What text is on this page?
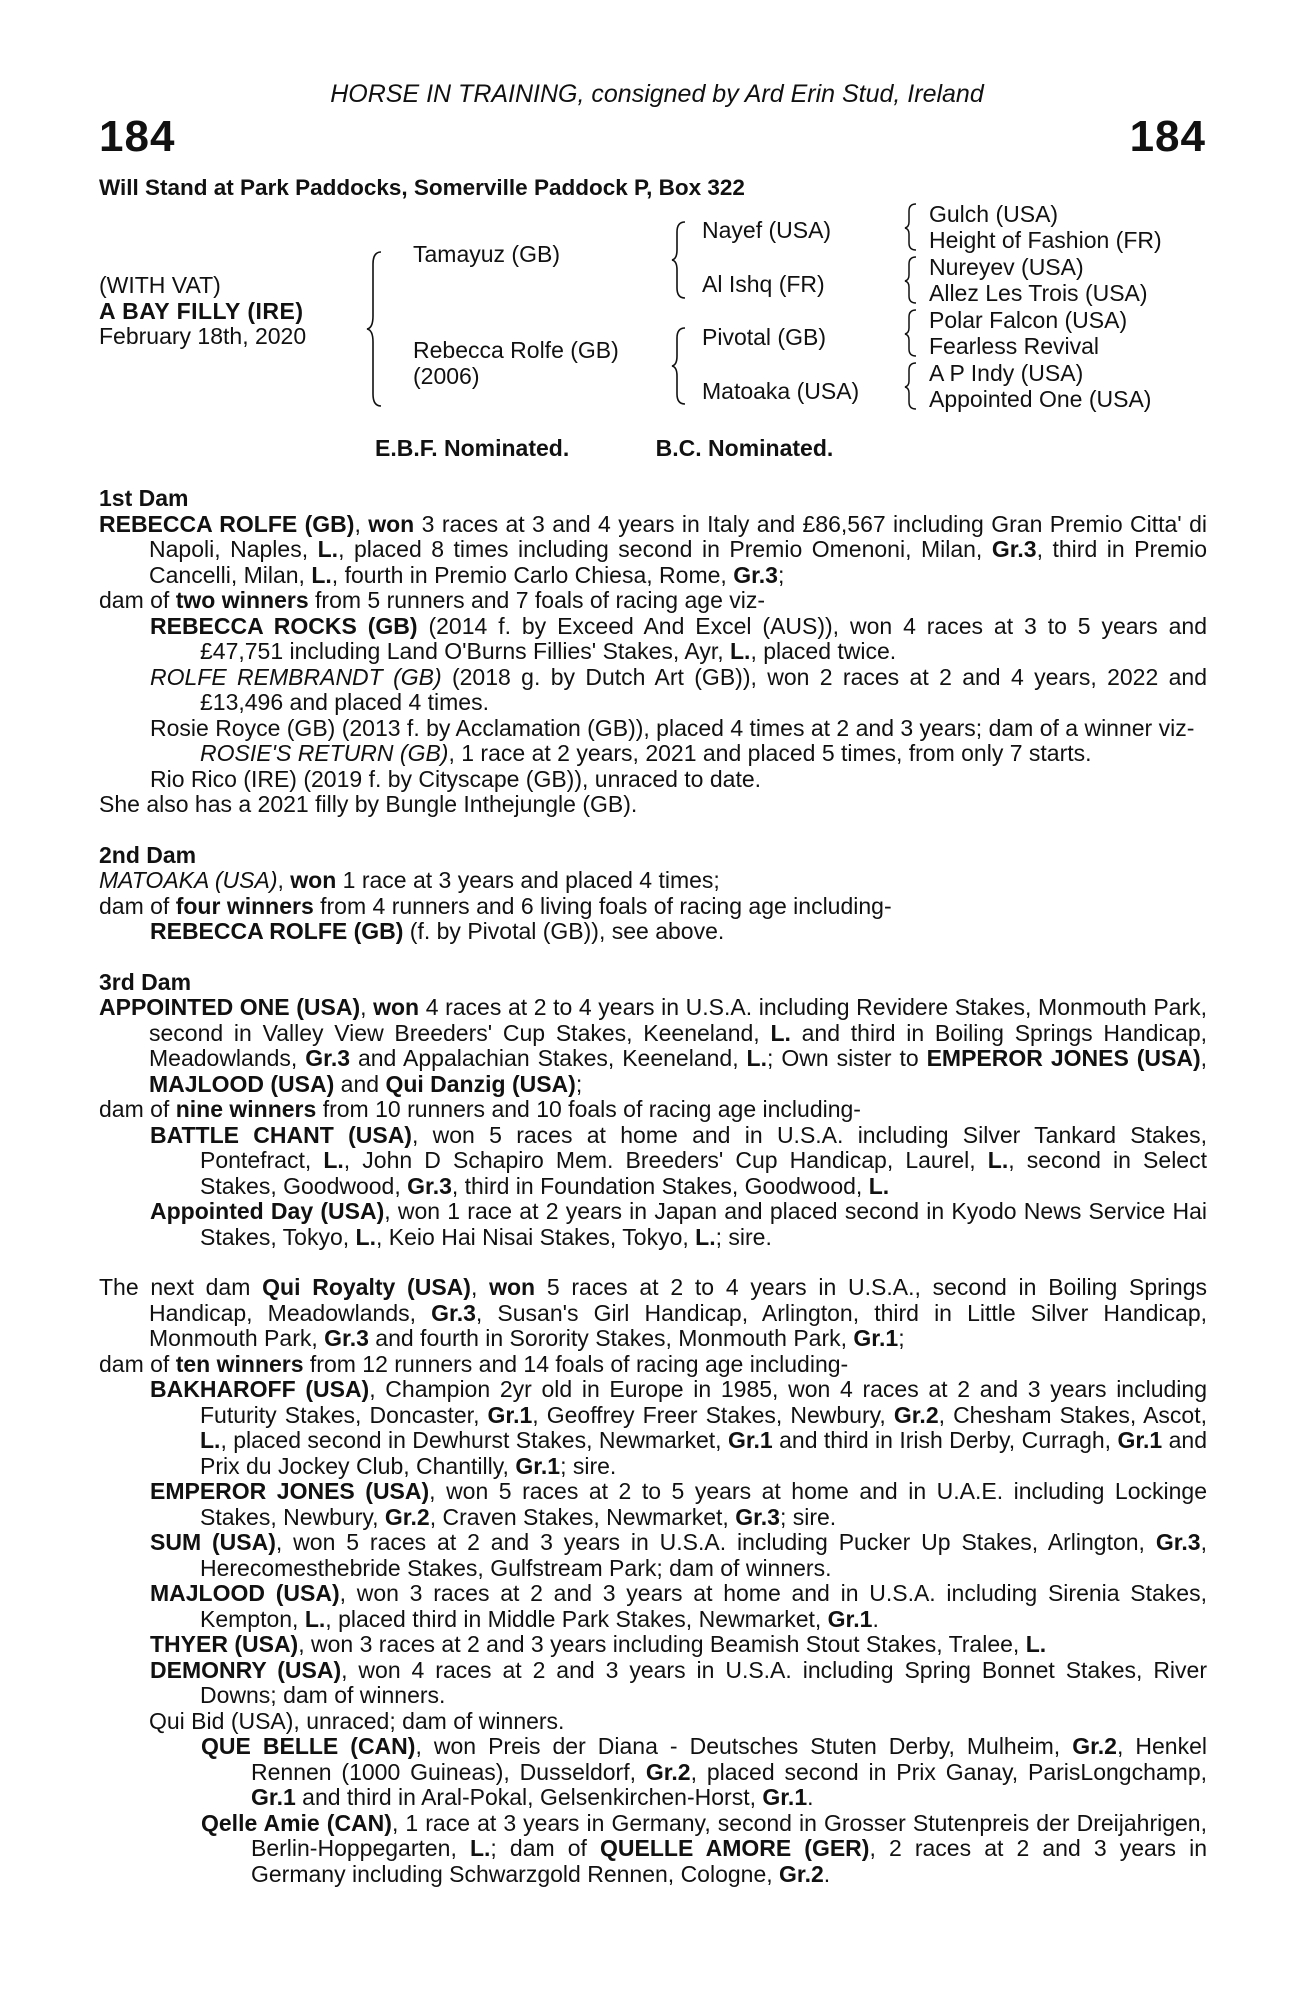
HORSE IN TRAINING, consigned by Ard Erin Stud, Ireland
184	184
Will Stand at Park Paddocks, Somerville Paddock P, Box 322
(WITH VAT)
A BAY FILLY (IRE)
February 18th, 2020
Tamayuz (GB)
Rebecca Rolfe (GB)
(2006)
Nayef (USA)
Al Ishq (FR)
Pivotal (GB)
Matoaka (USA)
Gulch (USA)
Height of Fashion (FR)
Nureyev (USA)
Allez Les Trois (USA)
Polar Falcon (USA)
Fearless Revival
A P Indy (USA)
Appointed One (USA)
E.B.F. Nominated.	B.C. Nominated.
1st Dam
REBECCA ROLFE (GB), won 3 races at 3 and 4 years in Italy and £86,567 including Gran Premio Citta' di Napoli, Naples, L., placed 8 times including second in Premio Omenoni, Milan, Gr.3, third in Premio Cancelli, Milan, L., fourth in Premio Carlo Chiesa, Rome, Gr.3;
dam of two winners from 5 runners and 7 foals of racing age viz-
REBECCA ROCKS (GB) (2014 f. by Exceed And Excel (AUS)), won 4 races at 3 to 5 years and £47,751 including Land O'Burns Fillies' Stakes, Ayr, L., placed twice.
ROLFE REMBRANDT (GB) (2018 g. by Dutch Art (GB)), won 2 races at 2 and 4 years, 2022 and £13,496 and placed 4 times.
Rosie Royce (GB) (2013 f. by Acclamation (GB)), placed 4 times at 2 and 3 years; dam of a winner viz-
ROSIE'S RETURN (GB), 1 race at 2 years, 2021 and placed 5 times, from only 7 starts.
Rio Rico (IRE) (2019 f. by Cityscape (GB)), unraced to date.
She also has a 2021 filly by Bungle Inthejungle (GB).
2nd Dam
MATOAKA (USA), won 1 race at 3 years and placed 4 times;
dam of four winners from 4 runners and 6 living foals of racing age including-
REBECCA ROLFE (GB) (f. by Pivotal (GB)), see above.
3rd Dam
APPOINTED ONE (USA), won 4 races at 2 to 4 years in U.S.A. including Revidere Stakes, Monmouth Park, second in Valley View Breeders' Cup Stakes, Keeneland, L. and third in Boiling Springs Handicap, Meadowlands, Gr.3 and Appalachian Stakes, Keeneland, L.; Own sister to EMPEROR JONES (USA), MAJLOOD (USA) and Qui Danzig (USA);
dam of nine winners from 10 runners and 10 foals of racing age including-
BATTLE CHANT (USA), won 5 races at home and in U.S.A. including Silver Tankard Stakes, Pontefract, L., John D Schapiro Mem. Breeders' Cup Handicap, Laurel, L., second in Select Stakes, Goodwood, Gr.3, third in Foundation Stakes, Goodwood, L.
Appointed Day (USA), won 1 race at 2 years in Japan and placed second in Kyodo News Service Hai Stakes, Tokyo, L., Keio Hai Nisai Stakes, Tokyo, L.; sire.
The next dam Qui Royalty (USA), won 5 races at 2 to 4 years in U.S.A., second in Boiling Springs Handicap, Meadowlands, Gr.3, Susan's Girl Handicap, Arlington, third in Little Silver Handicap, Monmouth Park, Gr.3 and fourth in Sorority Stakes, Monmouth Park, Gr.1;
dam of ten winners from 12 runners and 14 foals of racing age including-
BAKHAROFF (USA), Champion 2yr old in Europe in 1985, won 4 races at 2 and 3 years including Futurity Stakes, Doncaster, Gr.1, Geoffrey Freer Stakes, Newbury, Gr.2, Chesham Stakes, Ascot, L., placed second in Dewhurst Stakes, Newmarket, Gr.1 and third in Irish Derby, Curragh, Gr.1 and Prix du Jockey Club, Chantilly, Gr.1; sire.
EMPEROR JONES (USA), won 5 races at 2 to 5 years at home and in U.A.E. including Lockinge Stakes, Newbury, Gr.2, Craven Stakes, Newmarket, Gr.3; sire.
SUM (USA), won 5 races at 2 and 3 years in U.S.A. including Pucker Up Stakes, Arlington, Gr.3, Herecomesthebride Stakes, Gulfstream Park; dam of winners.
MAJLOOD (USA), won 3 races at 2 and 3 years at home and in U.S.A. including Sirenia Stakes, Kempton, L., placed third in Middle Park Stakes, Newmarket, Gr.1.
THYER (USA), won 3 races at 2 and 3 years including Beamish Stout Stakes, Tralee, L.
DEMONRY (USA), won 4 races at 2 and 3 years in U.S.A. including Spring Bonnet Stakes, River Downs; dam of winners.
Qui Bid (USA), unraced; dam of winners.
QUE BELLE (CAN), won Preis der Diana - Deutsches Stuten Derby, Mulheim, Gr.2, Henkel Rennen (1000 Guineas), Dusseldorf, Gr.2, placed second in Prix Ganay, ParisLongchamp, Gr.1 and third in Aral-Pokal, Gelsenkirchen-Horst, Gr.1.
Qelle Amie (CAN), 1 race at 3 years in Germany, second in Grosser Stutenpreis der Dreijahrigen, Berlin-Hoppegarten, L.; dam of QUELLE AMORE (GER), 2 races at 2 and 3 years in Germany including Schwarzgold Rennen, Cologne, Gr.2.
